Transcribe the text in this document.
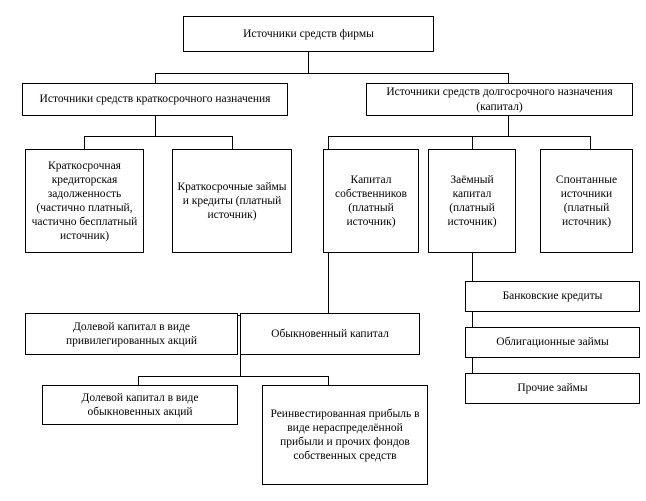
Источники средств фирмы
Источники средств краткосрочного назначения
Источники средств долгосрочного назначения (капитал)
Краткосрочная кредиторская задолженность (частично платный, частично бесплатный источник)
Краткосрочные займы и кредиты (платный источник)
Капитал собственников (платный источник)
Заёмный капитал (платный источник)
Спонтанные источники (платный источник)
Долевой капитал в виде привилегированных акций
Обыкновенный капитал
Долевой капитал в виде обыкновенных акций	Реинвестированная прибыль в виде нераспределённой прибыли и прочих фондов собственных средств
Банковские кредиты
Облигационные займы
Прочие займы
